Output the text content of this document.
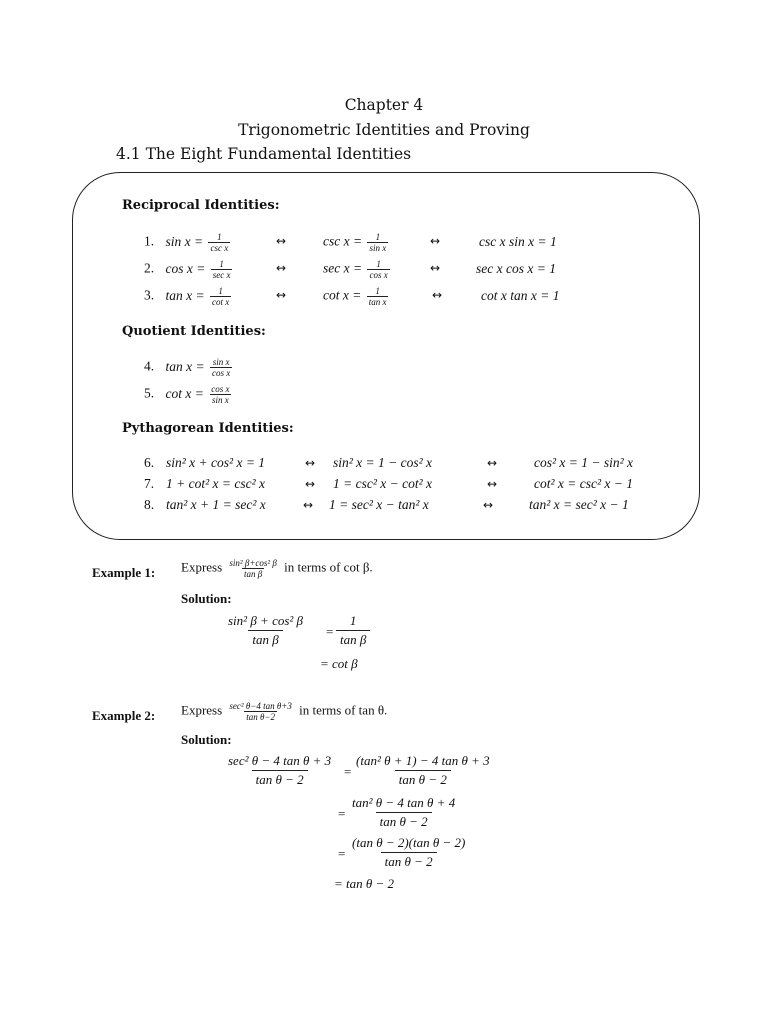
Chapter 4
Trigonometric Identities and Proving
4.1 The Eight Fundamental Identities
Reciprocal Identities:
1. $\sin x = \frac{1}{\text{csc x}}$	↔	$\csc x = \frac{1}{\text{sin x}}$	↔	csc x sin x = 1
2. $\cos x = \frac{1}{\text{sec x}}$	↔	$\sec x = \frac{1}{\text{cos x}}$	↔	sec x cos x = 1
3. $\tan x = \frac{1}{\text{cot x}}$	↔	$\cot x = \frac{1}{\text{tan x}}$	↔	cot x tan x = 1
Quotient Identities:
4. $\tan x = \frac{\text{sin x}}{\text{cos x}}$
5. $\cot x = \frac{\text{cos x}}{\text{sin x}}$
Pythagorean Identities:
6. sin² x + cos² x = 1	↔ sin² x = 1 − cos² x	↔	cos² x = 1 − sin² x
7. 1 + cot² x = csc² x	↔ 1 = csc² x − cot² x	↔	cot² x = csc² x − 1
8. tan² x + 1 = sec² x	↔ 1 = sec² x − tan² x	↔	tan² x = sec² x − 1
Example 1: Express $\frac{\text{sin² β+cos² β}}{\text{tan β}}$ in terms of cot β.
Solution:
sin² β + cos² β
tan β
=
1
tan β
= cot β
Example 2: Express $\frac{\text{sec² θ−4 tan θ+3}}{\text{tan θ−2}}$ in terms of tan θ.
Solution:
sec² θ − 4 tan θ + 3
tan θ − 2
=
(tan² θ + 1) − 4 tan θ + 3
tan θ − 2
=
tan² θ − 4 tan θ + 4
tan θ − 2
=
(tan θ − 2)(tan θ − 2)
tan θ − 2
= tan θ − 2
